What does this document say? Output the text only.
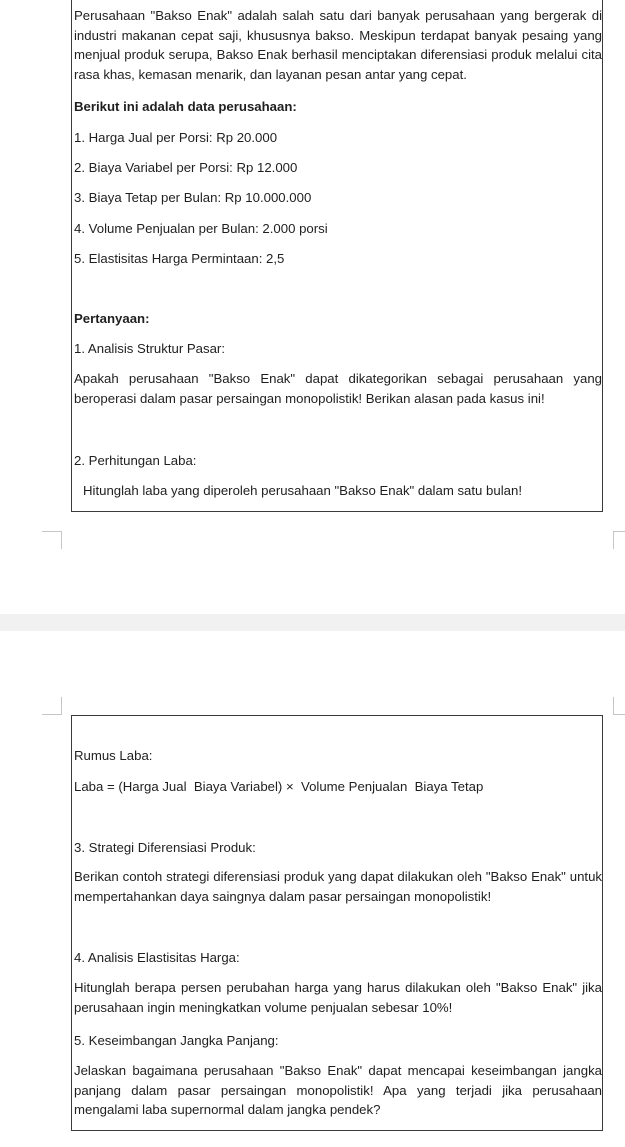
Perusahaan "Bakso Enak" adalah salah satu dari banyak perusahaan yang bergerak di industri makanan cepat saji, khususnya bakso. Meskipun terdapat banyak pesaing yang menjual produk serupa, Bakso Enak berhasil menciptakan diferensiasi produk melalui cita rasa khas, kemasan menarik, dan layanan pesan antar yang cepat.

Berikut ini adalah data perusahaan:

1. Harga Jual per Porsi: Rp 20.000

2. Biaya Variabel per Porsi: Rp 12.000

3. Biaya Tetap per Bulan: Rp 10.000.000

4. Volume Penjualan per Bulan: 2.000 porsi

5. Elastisitas Harga Permintaan: 2,5

Pertanyaan:

1. Analisis Struktur Pasar:

Apakah perusahaan "Bakso Enak" dapat dikategorikan sebagai perusahaan yang beroperasi dalam pasar persaingan monopolistik! Berikan alasan pada kasus ini!

2. Perhitungan Laba:

Hitunglah laba yang diperoleh perusahaan "Bakso Enak" dalam satu bulan!

Rumus Laba:

Laba = (Harga Jual  Biaya Variabel) ×  Volume Penjualan  Biaya Tetap

3. Strategi Diferensiasi Produk:

Berikan contoh strategi diferensiasi produk yang dapat dilakukan oleh "Bakso Enak" untuk mempertahankan daya saingnya dalam pasar persaingan monopolistik!

4. Analisis Elastisitas Harga:

Hitunglah berapa persen perubahan harga yang harus dilakukan oleh "Bakso Enak" jika perusahaan ingin meningkatkan volume penjualan sebesar 10%!

5. Keseimbangan Jangka Panjang:

Jelaskan bagaimana perusahaan "Bakso Enak" dapat mencapai keseimbangan jangka panjang dalam pasar persaingan monopolistik! Apa yang terjadi jika perusahaan mengalami laba supernormal dalam jangka pendek?
